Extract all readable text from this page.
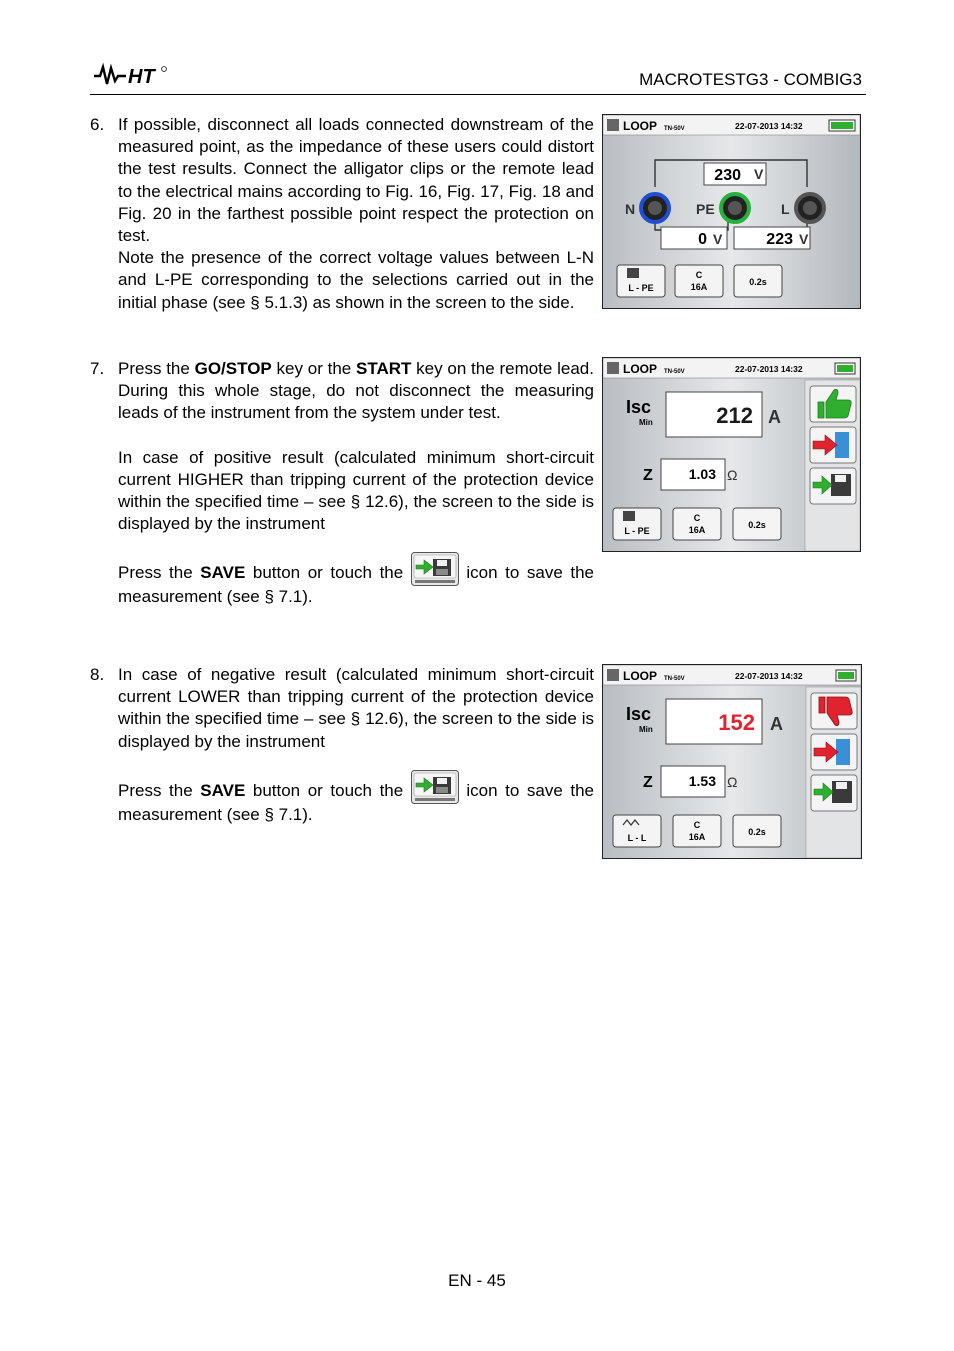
HT	MACROTESTG3 - COMBIG3
6. If possible, disconnect all loads connected downstream of the measured point, as the impedance of these users could distort the test results. Connect the alligator clips or the remote lead to the electrical mains according to Fig. 16, Fig. 17, Fig. 18 and Fig. 20 in the farthest possible point respect the protection on test.

Note the presence of the correct voltage values between L-N and L-PE corresponding to the selections carried out in the initial phase (see § 5.1.3) as shown in the screen to the side.

7. Press the GO/STOP key or the START key on the remote lead. During this whole stage, do not disconnect the measuring leads of the instrument from the system under test.

In case of positive result (calculated minimum short-circuit current HIGHER than tripping current of the protection device within the specified time – see § 12.6), the screen to the side is displayed by the instrument

Press the SAVE button or touch the	icon to save the measurement (see § 7.1).

8. In case of negative result (calculated minimum short-circuit current LOWER than tripping current of the protection device within the specified time – see § 12.6), the screen to the side is displayed by the instrument

Press the SAVE button or touch the	icon to save the measurement (see § 7.1).

LOOP TN-50V	22-07-2013 14:32
230 V
0 V	223 V
N	PE	L
L - PE
C
16A	0.2s
LOOP TN-50V	22-07-2013 14:32
Isc
Min	212 A
Z	1.03 Ω
L - PE
C
16A	0.2s
LOOP TN-50V	22-07-2013 14:32
Isc
Min	152 A
Z	1.53 Ω
L - L
C
16A	0.2s
EN - 45
